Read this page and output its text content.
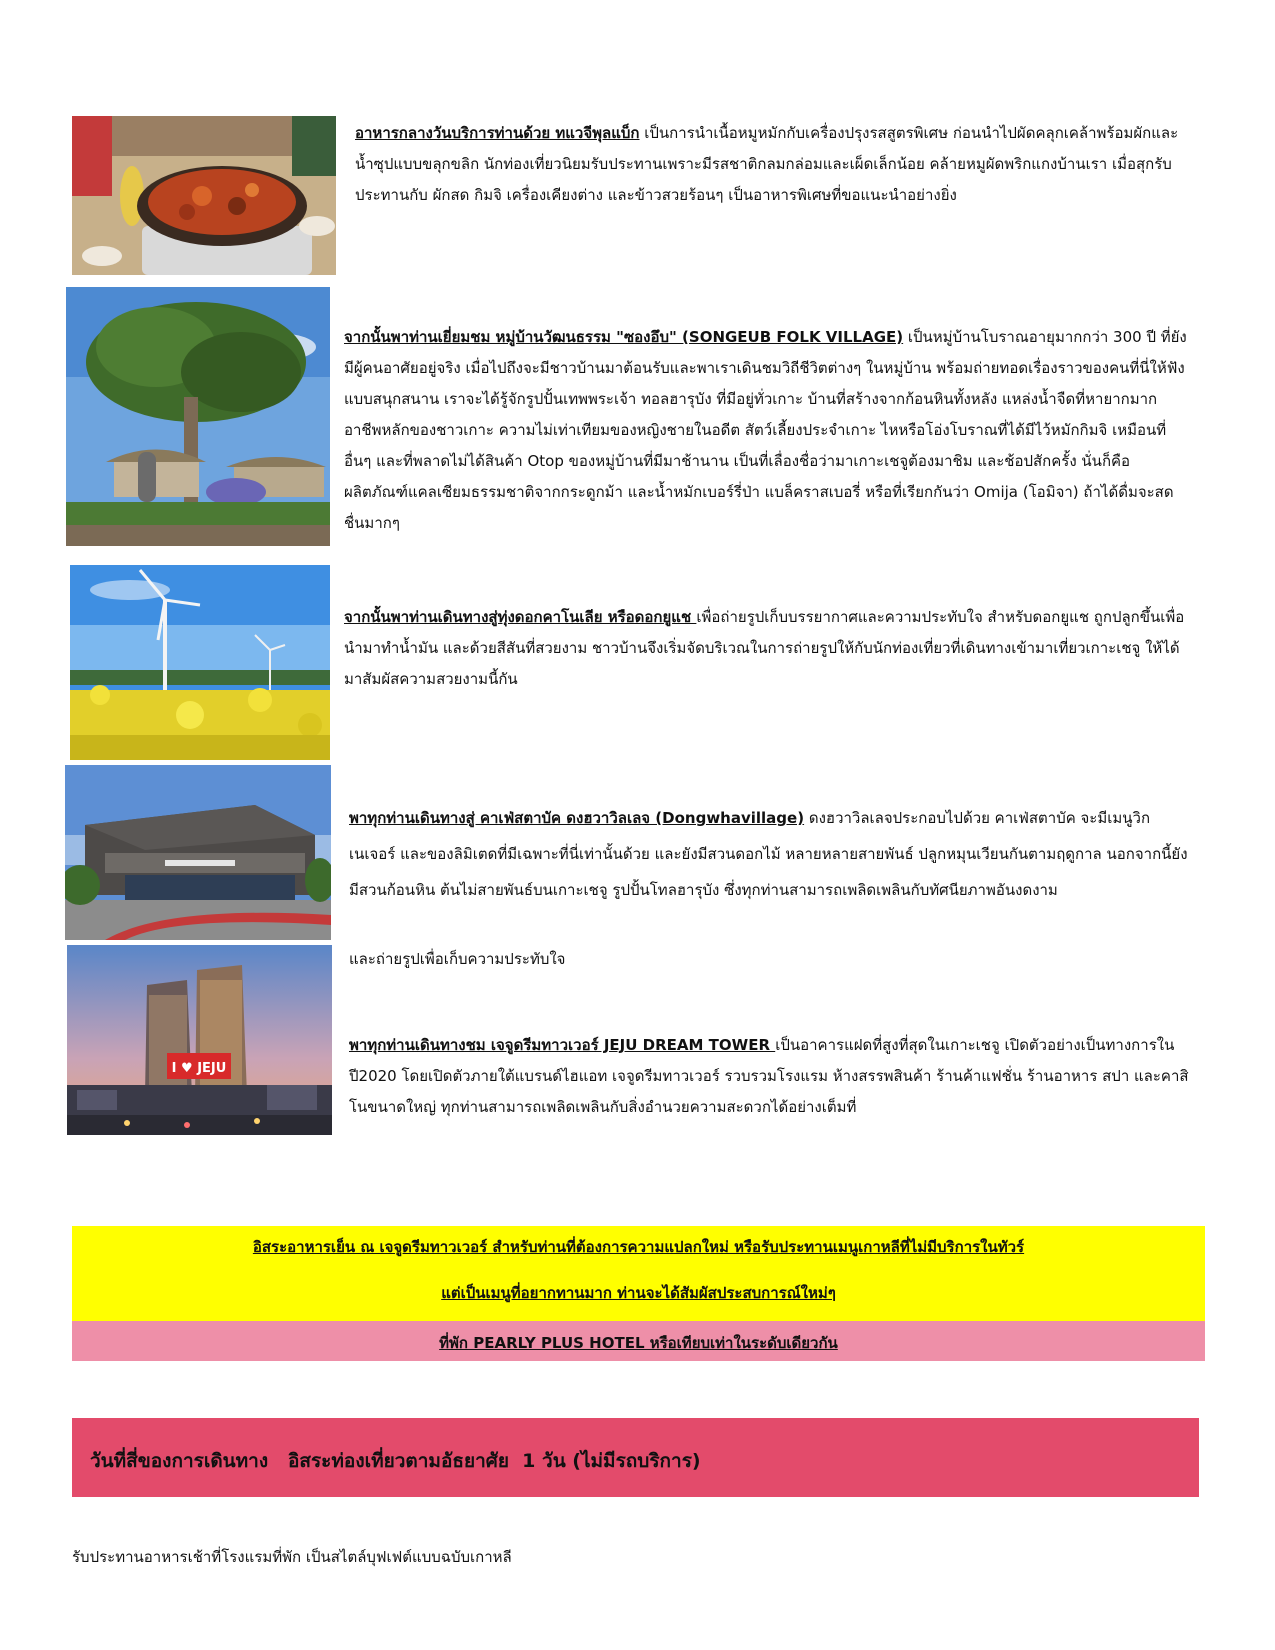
อาหารกลางวันบริการท่านด้วย ทแวจีพุลแบ็ก เป็นการนำเนื้อหมูหมักกับเครื่องปรุงรสสูตรพิเศษ ก่อนนำไปผัดคลุกเคล้าพร้อมผักและน้ำซุปแบบขลุกขลิก นักท่องเที่ยวนิยมรับประทานเพราะมีรสชาติกลมกล่อมและเผ็ดเล็กน้อย คล้ายหมูผัดพริกแกงบ้านเรา เมื่อสุกรับประทานกับ ผักสด กิมจิ เครื่องเคียงต่าง และข้าวสวยร้อนๆ เป็นอาหารพิเศษที่ขอแนะนำอย่างยิ่ง

จากนั้นพาท่านเยี่ยมชม หมู่บ้านวัฒนธรรม "ซองอึบ" (SONGEUB FOLK VILLAGE) เป็นหมู่บ้านโบราณอายุมากกว่า 300 ปี ที่ยังมีผู้คนอาศัยอยู่จริง เมื่อไปถึงจะมีชาวบ้านมาต้อนรับและพาเราเดินชมวิถีชีวิตต่างๆ ในหมู่บ้าน พร้อมถ่ายทอดเรื่องราวของคนที่นี่ให้ฟังแบบสนุกสนาน เราจะได้รู้จักรูปปั้นเทพพระเจ้า ทอลฮารุบัง ที่มีอยู่ทั่วเกาะ บ้านที่สร้างจากก้อนหินทั้งหลัง แหล่งน้ำจืดที่หายากมาก อาชีพหลักของชาวเกาะ ความไม่เท่าเทียมของหญิงชายในอดีต สัตว์เลี้ยงประจำเกาะ ไหหรือโอ่งโบราณที่ได้มีไว้หมักกิมจิ เหมือนที่อื่นๆ และที่พลาดไม่ได้สินค้า Otop ของหมู่บ้านที่มีมาช้านาน เป็นที่เลื่องชื่อว่ามาเกาะเชจูต้องมาชิม และช้อปสักครั้ง นั่นก็คือผลิตภัณฑ์แคลเซียมธรรมชาติจากกระดูกม้า และน้ำหมักเบอร์รี่ป่า แบล็คราสเบอรี่ หรือที่เรียกกันว่า Omija (โอมิจา) ถ้าได้ดื่มจะสดชื่นมากๆ

จากนั้นพาท่านเดินทางสู่ทุ่งดอกคาโนเลีย หรือดอกยูแช เพื่อถ่ายรูปเก็บบรรยากาศและความประทับใจ สำหรับดอกยูแช ถูกปลูกขึ้นเพื่อนำมาทำน้ำมัน และด้วยสีสันที่สวยงาม ชาวบ้านจึงเริ่มจัดบริเวณในการถ่ายรูปให้กับนักท่องเที่ยวที่เดินทางเข้ามาเที่ยวเกาะเชจู ให้ได้มาสัมผัสความสวยงามนี้กัน

พาทุกท่านเดินทางสู่ คาเฟ่สตาบัค ดงฮวาวิลเลจ (Dongwhavillage) ดงฮวาวิลเลจประกอบไปด้วย คาเฟ่สตาบัค จะมีเมนูวิกเนเจอร์ และของลิมิเตดที่มีเฉพาะที่นี่เท่านั้นด้วย และยังมีสวนดอกไม้ หลายหลายสายพันธ์ ปลูกหมุนเวียนกันตามฤดูกาล นอกจากนี้ยังมีสวนก้อนหิน ต้นไม่สายพันธ์บนเกาะเชจู รูปปั้นโทลฮารุบัง ซึ่งทุกท่านสามารถเพลิดเพลินกับทัศนียภาพอันงดงาม

และถ่ายรูปเพื่อเก็บความประทับใจ

I ♥ JEJU

พาทุกท่านเดินทางชม เจจูดรีมทาวเวอร์ JEJU DREAM TOWER เป็นอาคารแฝดที่สูงที่สุดในเกาะเชจู เปิดตัวอย่างเป็นทางการในปี2020 โดยเปิดตัวภายใต้แบรนด์ไฮแอท เจจูดรีมทาวเวอร์ รวบรวมโรงแรม ห้างสรรพสินค้า ร้านค้าแฟชั่น ร้านอาหาร สปา และคาสิโนขนาดใหญ่ ทุกท่านสามารถเพลิดเพลินกับสิ่งอำนวยความสะดวกได้อย่างเต็มที่

อิสระอาหารเย็น ณ เจจูดรีมทาวเวอร์ สำหรับท่านที่ต้องการความแปลกใหม่ หรือรับประทานเมนูเกาหลีที่ไม่มีบริการในทัวร์
แต่เป็นเมนูที่อยากทานมาก ท่านจะได้สัมผัสประสบการณ์ใหม่ๆ
ที่พัก PEARLY PLUS HOTEL หรือเทียบเท่าในระดับเดียวกัน
วันที่สี่ของการเดินทาง   อิสระท่องเที่ยวตามอัธยาศัย  1 วัน (ไม่มีรถบริการ)
รับประทานอาหารเช้าที่โรงแรมที่พัก เป็นสไตล์บุฟเฟต์แบบฉบับเกาหลี
